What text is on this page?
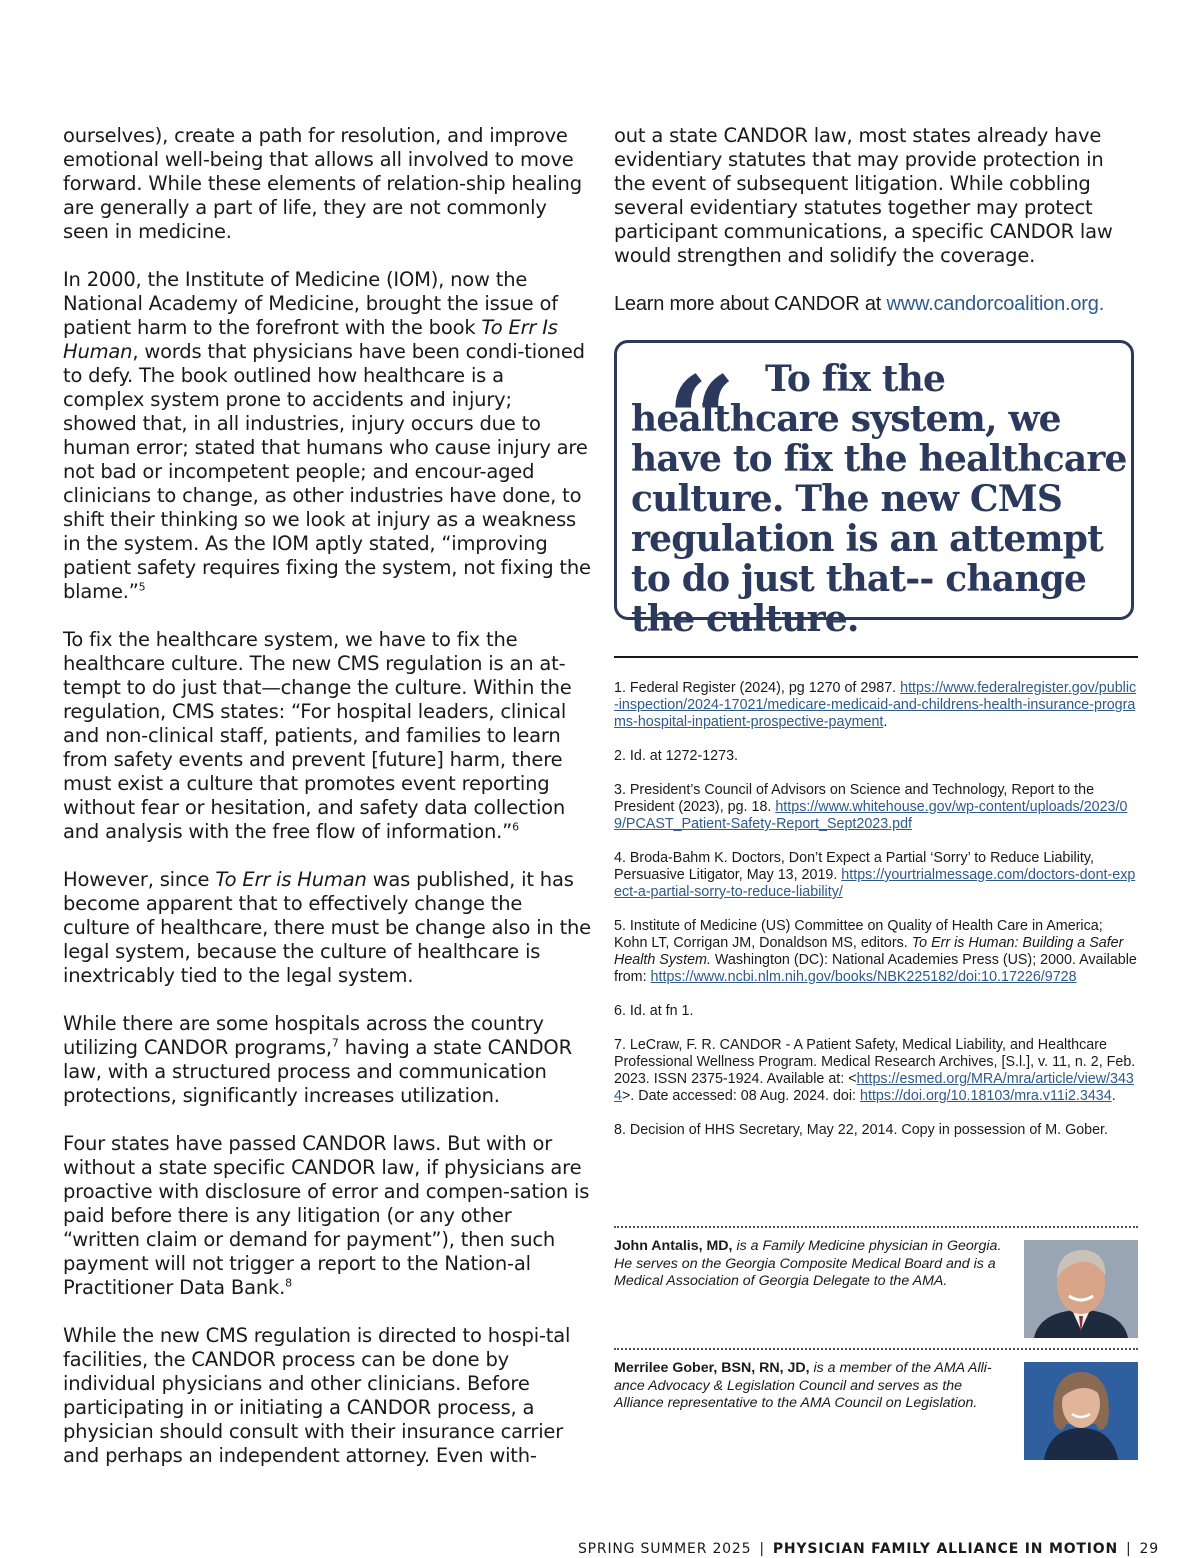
ourselves), create a path for resolution, and improve emotional well-being that allows all involved to move forward. While these elements of relation-ship healing are generally a part of life, they are not commonly seen in medicine.

In 2000, the Institute of Medicine (IOM), now the National Academy of Medicine, brought the issue of patient harm to the forefront with the book To Err Is Human, words that physicians have been condi-tioned to defy. The book outlined how healthcare is a complex system prone to accidents and injury; showed that, in all industries, injury occurs due to human error; stated that humans who cause injury are not bad or incompetent people; and encour-aged clinicians to change, as other industries have done, to shift their thinking so we look at injury as a weakness in the system. As the IOM aptly stated, “improving patient safety requires fixing the system, not fixing the blame.”$^5$

To fix the healthcare system, we have to fix the healthcare culture. The new CMS regulation is an at-tempt to do just that—change the culture. Within the regulation, CMS states: “For hospital leaders, clinical and non-clinical staff, patients, and families to learn from safety events and prevent [future] harm, there must exist a culture that promotes event reporting without fear or hesitation, and safety data collection and analysis with the free flow of information.”$^6$

However, since To Err is Human was published, it has become apparent that to effectively change the culture of healthcare, there must be change also in the legal system, because the culture of healthcare is inextricably tied to the legal system.

While there are some hospitals across the country utilizing CANDOR programs,$^7$ having a state CANDOR law, with a structured process and communication protections, significantly increases utilization.

Four states have passed CANDOR laws. But with or without a state specific CANDOR law, if physicians are proactive with disclosure of error and compen-sation is paid before there is any litigation (or any other “written claim or demand for payment”), then such payment will not trigger a report to the Nation-al Practitioner Data Bank.$^8$

While the new CMS regulation is directed to hospi-tal facilities, the CANDOR process can be done by individual physicians and other clinicians. Before participating in or initiating a CANDOR process, a physician should consult with their insurance carrier and perhaps an independent attorney. Even with-

out a state CANDOR law, most states already have evidentiary statutes that may provide protection in the event of subsequent litigation. While cobbling several evidentiary statutes together may protect participant communications, a specific CANDOR law would strengthen and solidify the coverage.

Learn more about CANDOR at www.candorcoalition.org.

“ To fix the healthcare system, we have to fix the healthcare culture. The new CMS regulation is an attempt to do just that-- change the culture.
1. Federal Register (2024), pg 1270 of 2987. https://www.federalregister.gov/public-inspection/2024-17021/medicare-medicaid-and-childrens-health-insurance-programs-hospital-inpatient-prospective-payment.
2. Id. at 1272-1273.
3. President’s Council of Advisors on Science and Technology, Report to the President (2023), pg. 18. https://www.whitehouse.gov/wp-content/uploads/2023/09/PCAST_Patient-Safety-Report_Sept2023.pdf
4. Broda-Bahm K. Doctors, Don’t Expect a Partial ‘Sorry’ to Reduce Liability, Persuasive Litigator, May 13, 2019. https://yourtrialmessage.com/doctors-dont-expect-a-partial-sorry-to-reduce-liability/
5. Institute of Medicine (US) Committee on Quality of Health Care in America; Kohn LT, Corrigan JM, Donaldson MS, editors. To Err is Human: Building a Safer Health System. Washington (DC): National Academies Press (US); 2000. Available from: https://www.ncbi.nlm.nih.gov/books/NBK225182/doi:10.17226/9728
6. Id. at fn 1.
7. LeCraw, F. R. CANDOR - A Patient Safety, Medical Liability, and Healthcare Professional Wellness Program. Medical Research Archives, [S.l.], v. 11, n. 2, Feb. 2023. ISSN 2375-1924. Available at: <https://esmed.org/MRA/mra/article/view/3434>. Date accessed: 08 Aug. 2024. doi: https://doi.org/10.18103/mra.v11i2.3434.
8. Decision of HHS Secretary, May 22, 2014. Copy in possession of M. Gober.
John Antalis, MD, is a Family Medicine physician in Georgia. He serves on the Georgia Composite Medical Board and is a Medical Association of Georgia Delegate to the AMA.
Merrilee Gober, BSN, RN, JD, is a member of the AMA Alli-ance Advocacy & Legislation Council and serves as the Alliance representative to the AMA Council on Legislation.
SPRING SUMMER 2025 | PHYSICIAN FAMILY ALLIANCE IN MOTION | 29
